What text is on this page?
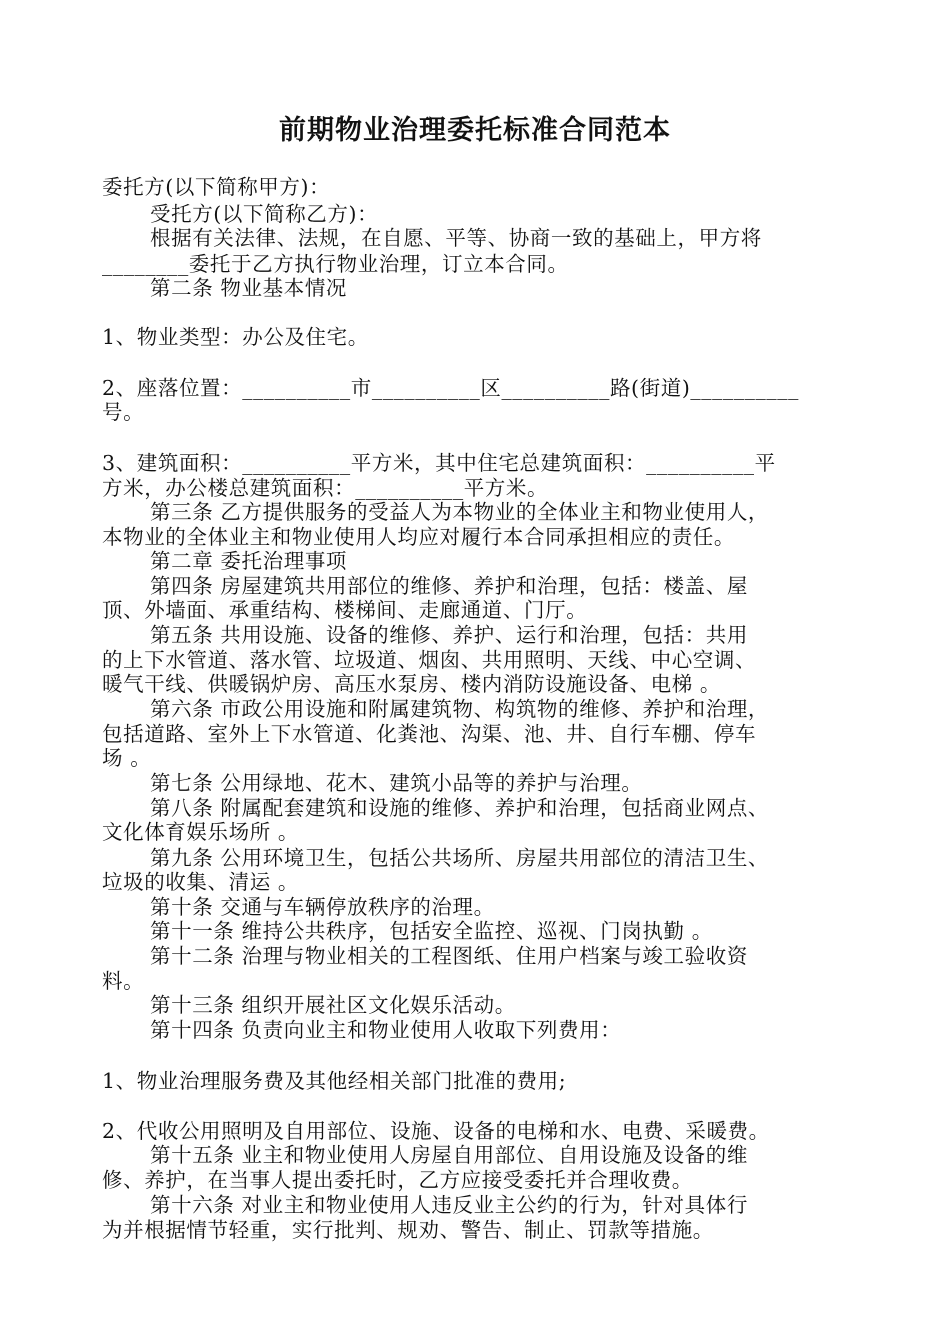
前期物业治理委托标准合同范本
委托方(以下简称甲方)：
受托方(以下简称乙方)：
根据有关法律、法规，在自愿、平等、协商一致的基础上，甲方将
________委托于乙方执行物业治理，订立本合同。
第二条 物业基本情况
1、物业类型：办公及住宅。
2、座落位置：__________市__________区__________路(街道)__________
号。
3、建筑面积：__________平方米，其中住宅总建筑面积：__________平
方米，办公楼总建筑面积：__________平方米。
第三条 乙方提供服务的受益人为本物业的全体业主和物业使用人，
本物业的全体业主和物业使用人均应对履行本合同承担相应的责任。
第二章 委托治理事项
第四条 房屋建筑共用部位的维修、养护和治理，包括：楼盖、屋
顶、外墙面、承重结构、楼梯间、走廊通道、门厅。
第五条 共用设施、设备的维修、养护、运行和治理，包括：共用
的上下水管道、落水管、垃圾道、烟囱、共用照明、天线、中心空调、
暖气干线、供暖锅炉房、高压水泵房、楼内消防设施设备、电梯 。
第六条 市政公用设施和附属建筑物、构筑物的维修、养护和治理，
包括道路、室外上下水管道、化粪池、沟渠、池、井、自行车棚、停车
场 。
第七条 公用绿地、花木、建筑小品等的养护与治理。
第八条 附属配套建筑和设施的维修、养护和治理，包括商业网点、
文化体育娱乐场所 。
第九条 公用环境卫生，包括公共场所、房屋共用部位的清洁卫生、
垃圾的收集、清运 。
第十条 交通与车辆停放秩序的治理。
第十一条 维持公共秩序，包括安全监控、巡视、门岗执勤 。
第十二条 治理与物业相关的工程图纸、住用户档案与竣工验收资
料。
第十三条 组织开展社区文化娱乐活动。
第十四条 负责向业主和物业使用人收取下列费用：
1、物业治理服务费及其他经相关部门批准的费用;
2、代收公用照明及自用部位、设施、设备的电梯和水、电费、采暖费。
第十五条 业主和物业使用人房屋自用部位、自用设施及设备的维
修、养护，在当事人提出委托时，乙方应接受委托并合理收费。
第十六条 对业主和物业使用人违反业主公约的行为，针对具体行
为并根据情节轻重，实行批判、规劝、警告、制止、罚款等措施。
